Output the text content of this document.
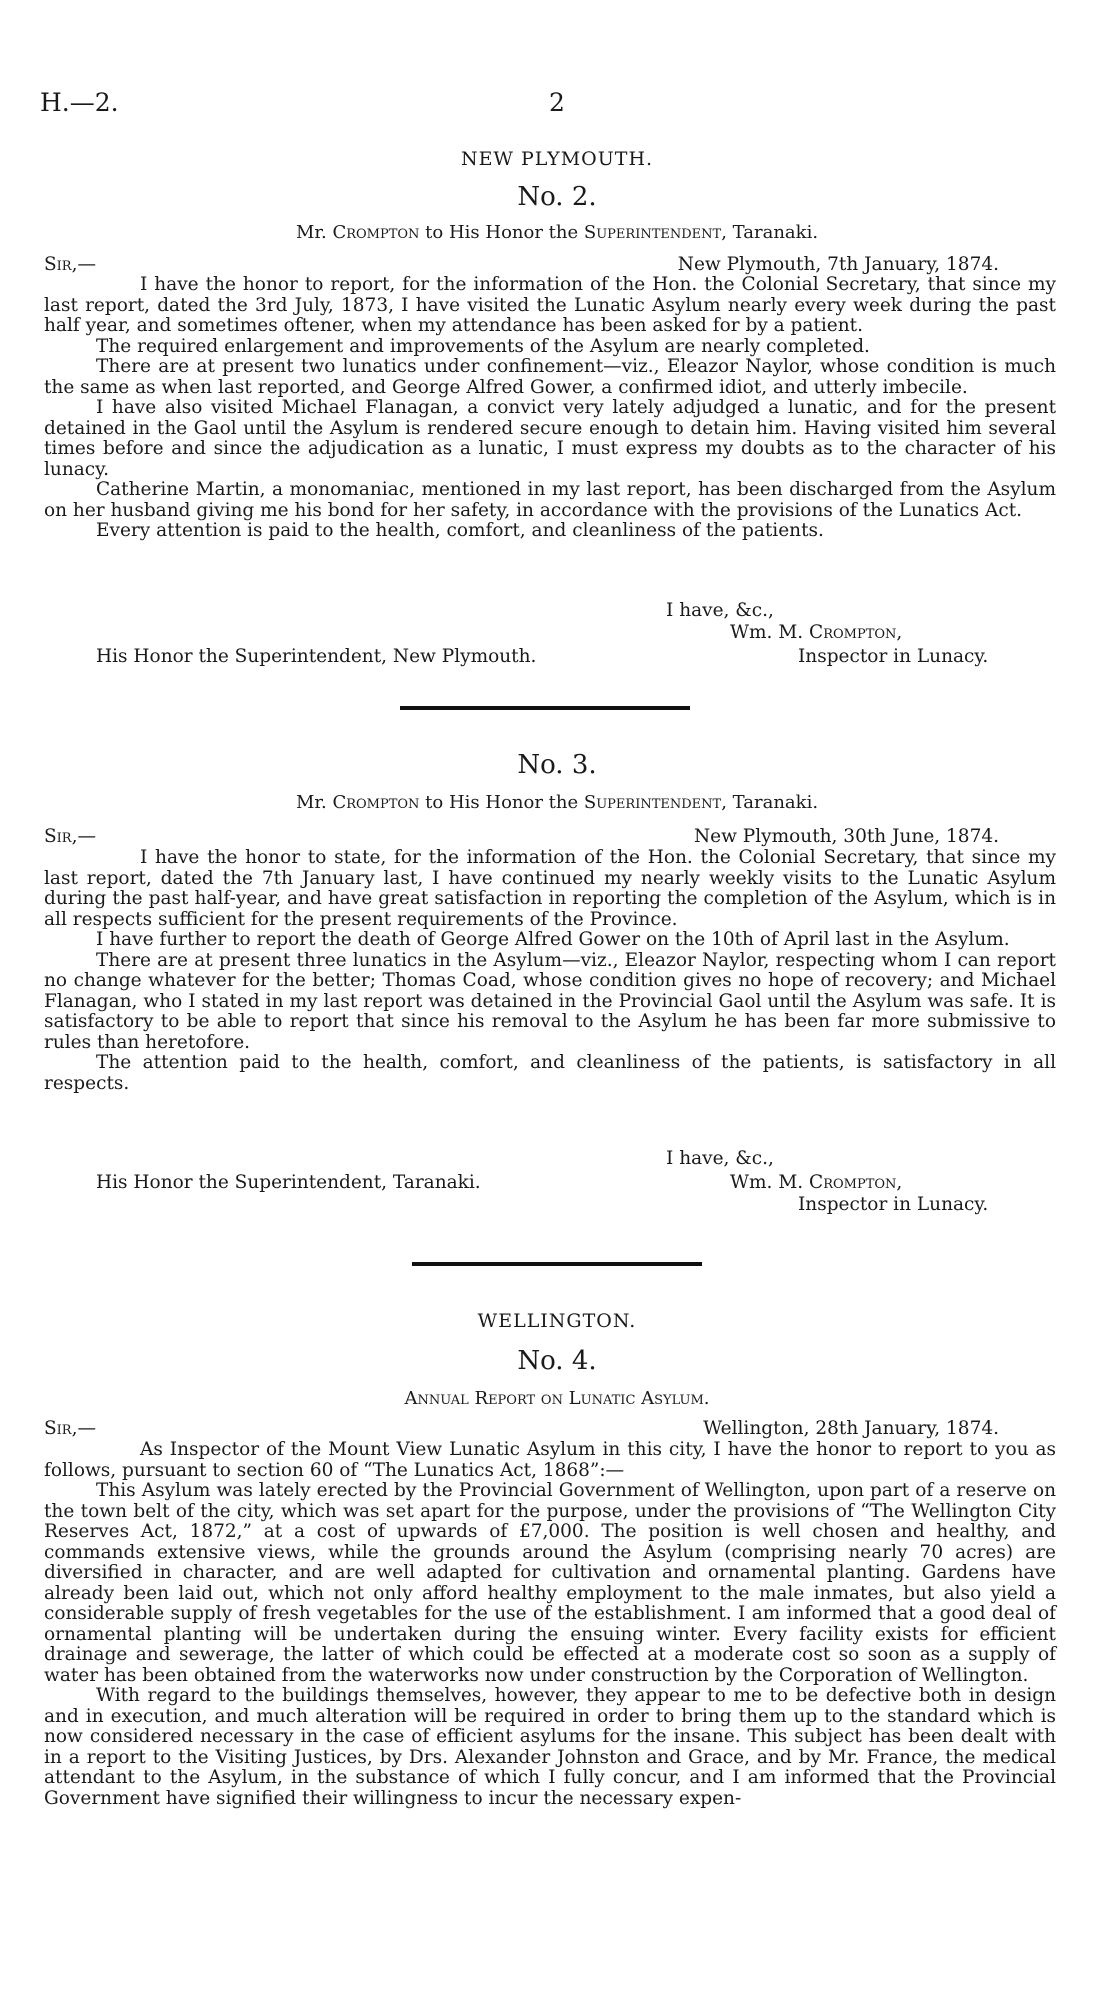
H.—2.	2
NEW PLYMOUTH.
No. 2.
Mr. Crompton to His Honor the Superintendent, Taranaki.
Sir,—	New Plymouth, 7th January, 1874.

I have the honor to report, for the information of the Hon. the Colonial Secretary, that since my last report, dated the 3rd July, 1873, I have visited the Lunatic Asylum nearly every week during the past half year, and sometimes oftener, when my attendance has been asked for by a patient.

The required enlargement and improvements of the Asylum are nearly completed.

There are at present two lunatics under confinement—viz., Eleazor Naylor, whose condition is much the same as when last reported, and George Alfred Gower, a confirmed idiot, and utterly imbecile.

I have also visited Michael Flanagan, a convict very lately adjudged a lunatic, and for the present detained in the Gaol until the Asylum is rendered secure enough to detain him. Having visited him several times before and since the adjudication as a lunatic, I must express my doubts as to the character of his lunacy.

Catherine Martin, a monomaniac, mentioned in my last report, has been discharged from the Asylum on her husband giving me his bond for her safety, in accordance with the provisions of the Lunatics Act.

Every attention is paid to the health, comfort, and cleanliness of the patients.

I have, &c.,
Wm. M. Crompton,
His Honor the Superintendent, New Plymouth.	Inspector in Lunacy.
No. 3.
Mr. Crompton to His Honor the Superintendent, Taranaki.
Sir,—	New Plymouth, 30th June, 1874.

I have the honor to state, for the information of the Hon. the Colonial Secretary, that since my last report, dated the 7th January last, I have continued my nearly weekly visits to the Lunatic Asylum during the past half-year, and have great satisfaction in reporting the completion of the Asylum, which is in all respects sufficient for the present requirements of the Province.

I have further to report the death of George Alfred Gower on the 10th of April last in the Asylum.

There are at present three lunatics in the Asylum—viz., Eleazor Naylor, respecting whom I can report no change whatever for the better; Thomas Coad, whose condition gives no hope of recovery; and Michael Flanagan, who I stated in my last report was detained in the Provincial Gaol until the Asylum was safe. It is satisfactory to be able to report that since his removal to the Asylum he has been far more submissive to rules than heretofore.

The attention paid to the health, comfort, and cleanliness of the patients, is satisfactory in all respects.

I have, &c.,
His Honor the Superintendent, Taranaki.	Wm. M. Crompton,
Inspector in Lunacy.
WELLINGTON.
No. 4.
Annual Report on Lunatic Asylum.
Sir,—	Wellington, 28th January, 1874.

As Inspector of the Mount View Lunatic Asylum in this city, I have the honor to report to you as follows, pursuant to section 60 of “The Lunatics Act, 1868”:—

This Asylum was lately erected by the Provincial Government of Wellington, upon part of a reserve on the town belt of the city, which was set apart for the purpose, under the provisions of “The Wellington City Reserves Act, 1872,” at a cost of upwards of £7,000. The position is well chosen and healthy, and commands extensive views, while the grounds around the Asylum (comprising nearly 70 acres) are diversified in character, and are well adapted for cultivation and ornamental planting. Gardens have already been laid out, which not only afford healthy employment to the male inmates, but also yield a considerable supply of fresh vegetables for the use of the establishment. I am informed that a good deal of ornamental planting will be undertaken during the ensuing winter. Every facility exists for efficient drainage and sewerage, the latter of which could be effected at a moderate cost so soon as a supply of water has been obtained from the waterworks now under construction by the Corporation of Wellington.

With regard to the buildings themselves, however, they appear to me to be defective both in design and in execution, and much alteration will be required in order to bring them up to the standard which is now considered necessary in the case of efficient asylums for the insane. This subject has been dealt with in a report to the Visiting Justices, by Drs. Alexander Johnston and Grace, and by Mr. France, the medical attendant to the Asylum, in the substance of which I fully concur, and I am informed that the Provincial Government have signified their willingness to incur the necessary expen-
